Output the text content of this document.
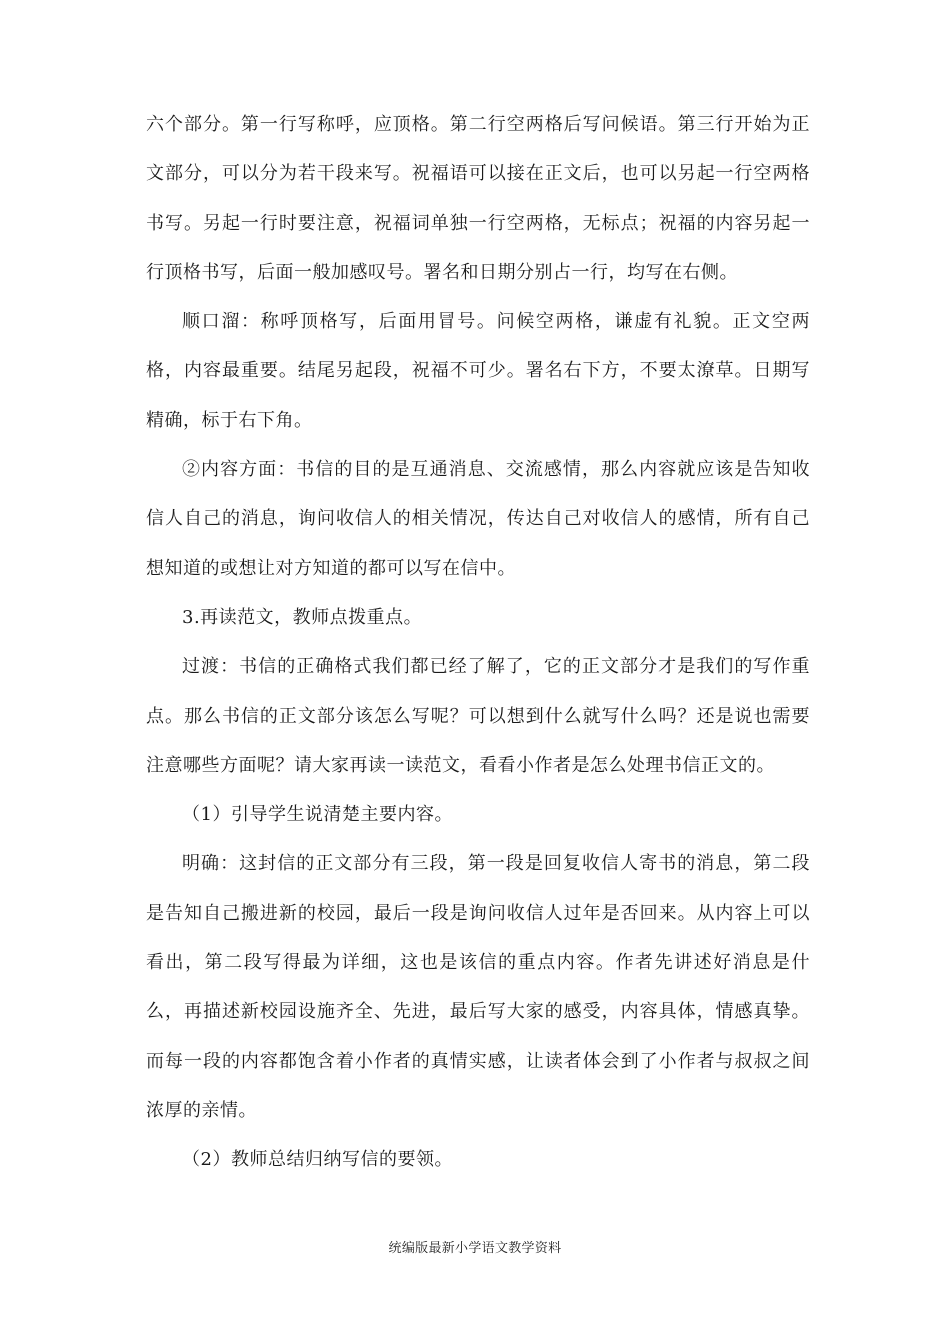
六个部分。第一行写称呼，应顶格。第二行空两格后写问候语。第三行开始为正文部分，可以分为若干段来写。祝福语可以接在正文后，也可以另起一行空两格书写。另起一行时要注意，祝福词单独一行空两格，无标点；祝福的内容另起一行顶格书写，后面一般加感叹号。署名和日期分别占一行，均写在右侧。

顺口溜：称呼顶格写，后面用冒号。问候空两格，谦虚有礼貌。正文空两格，内容最重要。结尾另起段，祝福不可少。署名右下方，不要太潦草。日期写精确，标于右下角。

②内容方面：书信的目的是互通消息、交流感情，那么内容就应该是告知收信人自己的消息，询问收信人的相关情况，传达自己对收信人的感情，所有自己想知道的或想让对方知道的都可以写在信中。

3.再读范文，教师点拨重点。

过渡：书信的正确格式我们都已经了解了，它的正文部分才是我们的写作重点。那么书信的正文部分该怎么写呢？可以想到什么就写什么吗？还是说也需要注意哪些方面呢？请大家再读一读范文，看看小作者是怎么处理书信正文的。

（1）引导学生说清楚主要内容。

明确：这封信的正文部分有三段，第一段是回复收信人寄书的消息，第二段是告知自己搬进新的校园，最后一段是询问收信人过年是否回来。从内容上可以看出，第二段写得最为详细，这也是该信的重点内容。作者先讲述好消息是什么，再描述新校园设施齐全、先进，最后写大家的感受，内容具体，情感真挚。而每一段的内容都饱含着小作者的真情实感，让读者体会到了小作者与叔叔之间浓厚的亲情。

（2）教师总结归纳写信的要领。

统编版最新小学语文教学资料
